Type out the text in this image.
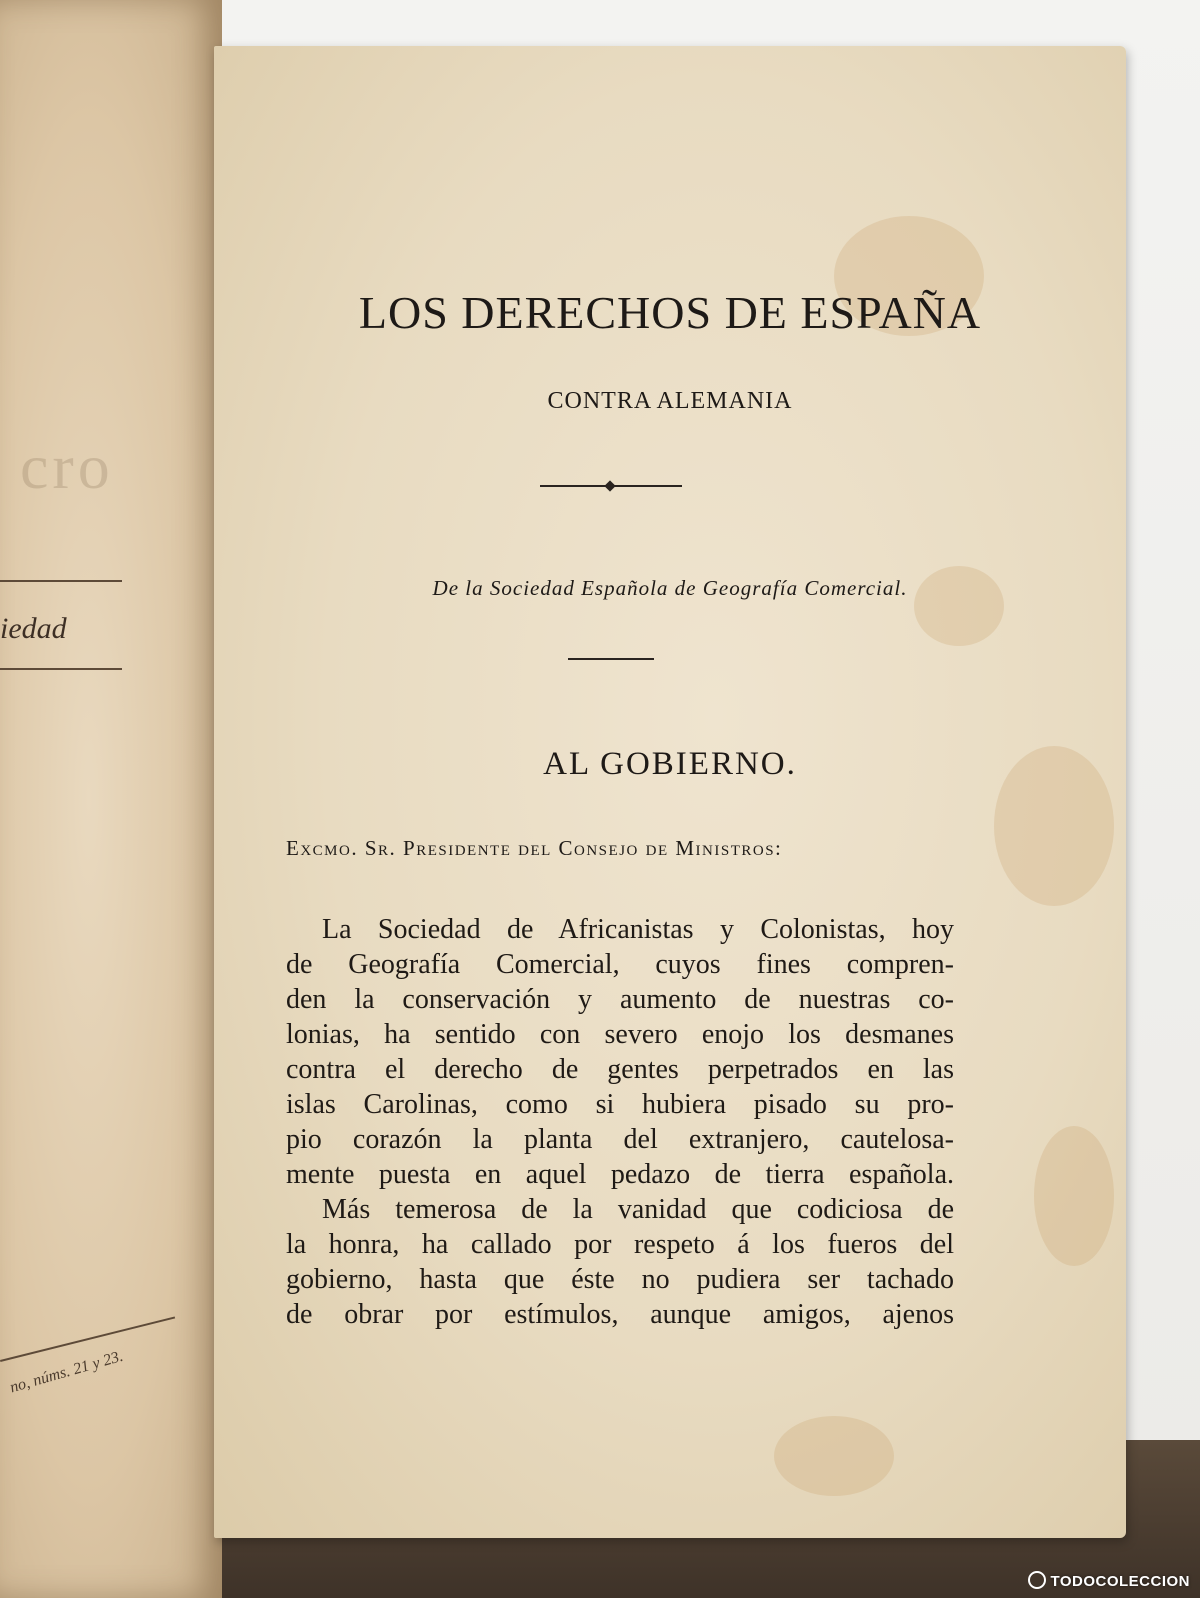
cro
iedad
no, núms. 21 y 23.
LOS DERECHOS DE ESPAÑA
CONTRA ALEMANIA
De la Sociedad Española de Geografía Comercial.
AL GOBIERNO.
Excmo. Sr. Presidente del Consejo de Ministros:
La Sociedad de Africanistas y Colonistas, hoy
de Geografía Comercial, cuyos fines compren-
den la conservación y aumento de nuestras co-
lonias, ha sentido con severo enojo los desmanes
contra el derecho de gentes perpetrados en las
islas Carolinas, como si hubiera pisado su pro-
pio corazón la planta del extranjero, cautelosa-
mente puesta en aquel pedazo de tierra española.
Más temerosa de la vanidad que codiciosa de
la honra, ha callado por respeto á los fueros del
gobierno, hasta que éste no pudiera ser tachado
de obrar por estímulos, aunque amigos, ajenos
TODOCOLECCION
